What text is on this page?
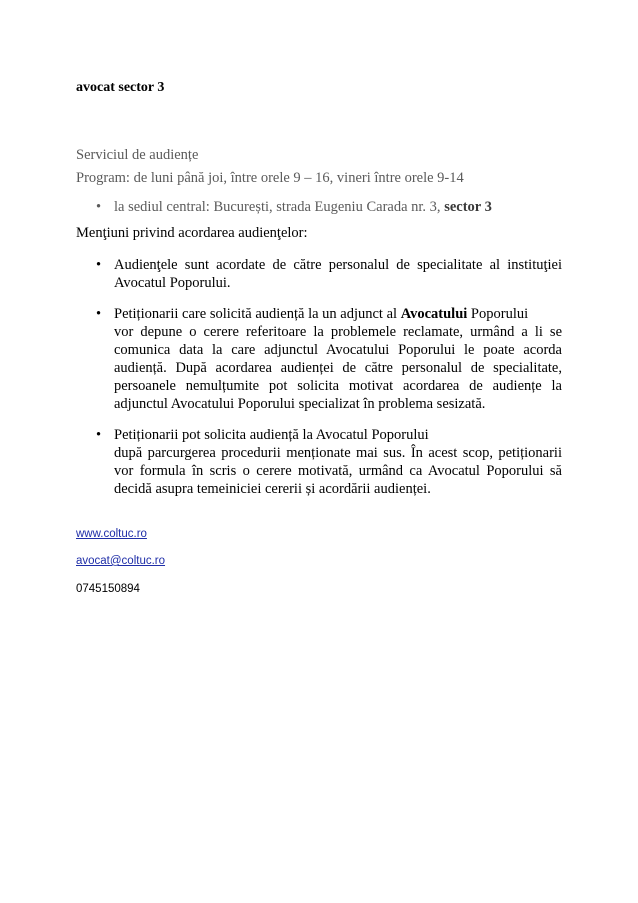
avocat sector 3
Serviciul de audiențe
Program: de luni până joi, între orele 9 – 16, vineri între orele 9-14
• la sediul central: București, strada Eugeniu Carada nr. 3, sector 3
Menţiuni privind acordarea audienţelor:
• Audienţele sunt acordate de către personalul de specialitate al instituţiei Avocatul Poporului.

• Petiționarii care solicită audiență la un adjunct al Avocatului Poporului

vor depune o cerere referitoare la problemele reclamate, urmând a li se comunica data la care adjunctul Avocatului Poporului le poate acorda audiență. După acordarea audienței de către personalul de specialitate, persoanele nemulțumite pot solicita motivat acordarea de audiențe la adjunctul Avocatului Poporului specializat în problema sesizată.

• Petiționarii pot solicita audiență la Avocatul Poporului

după parcurgerea procedurii menționate mai sus. În acest scop, petiționarii vor formula în scris o cerere motivată, urmând ca Avocatul Poporului să decidă asupra temeiniciei cererii și acordării audienței.

www.coltuc.ro
avocat@coltuc.ro
0745150894
